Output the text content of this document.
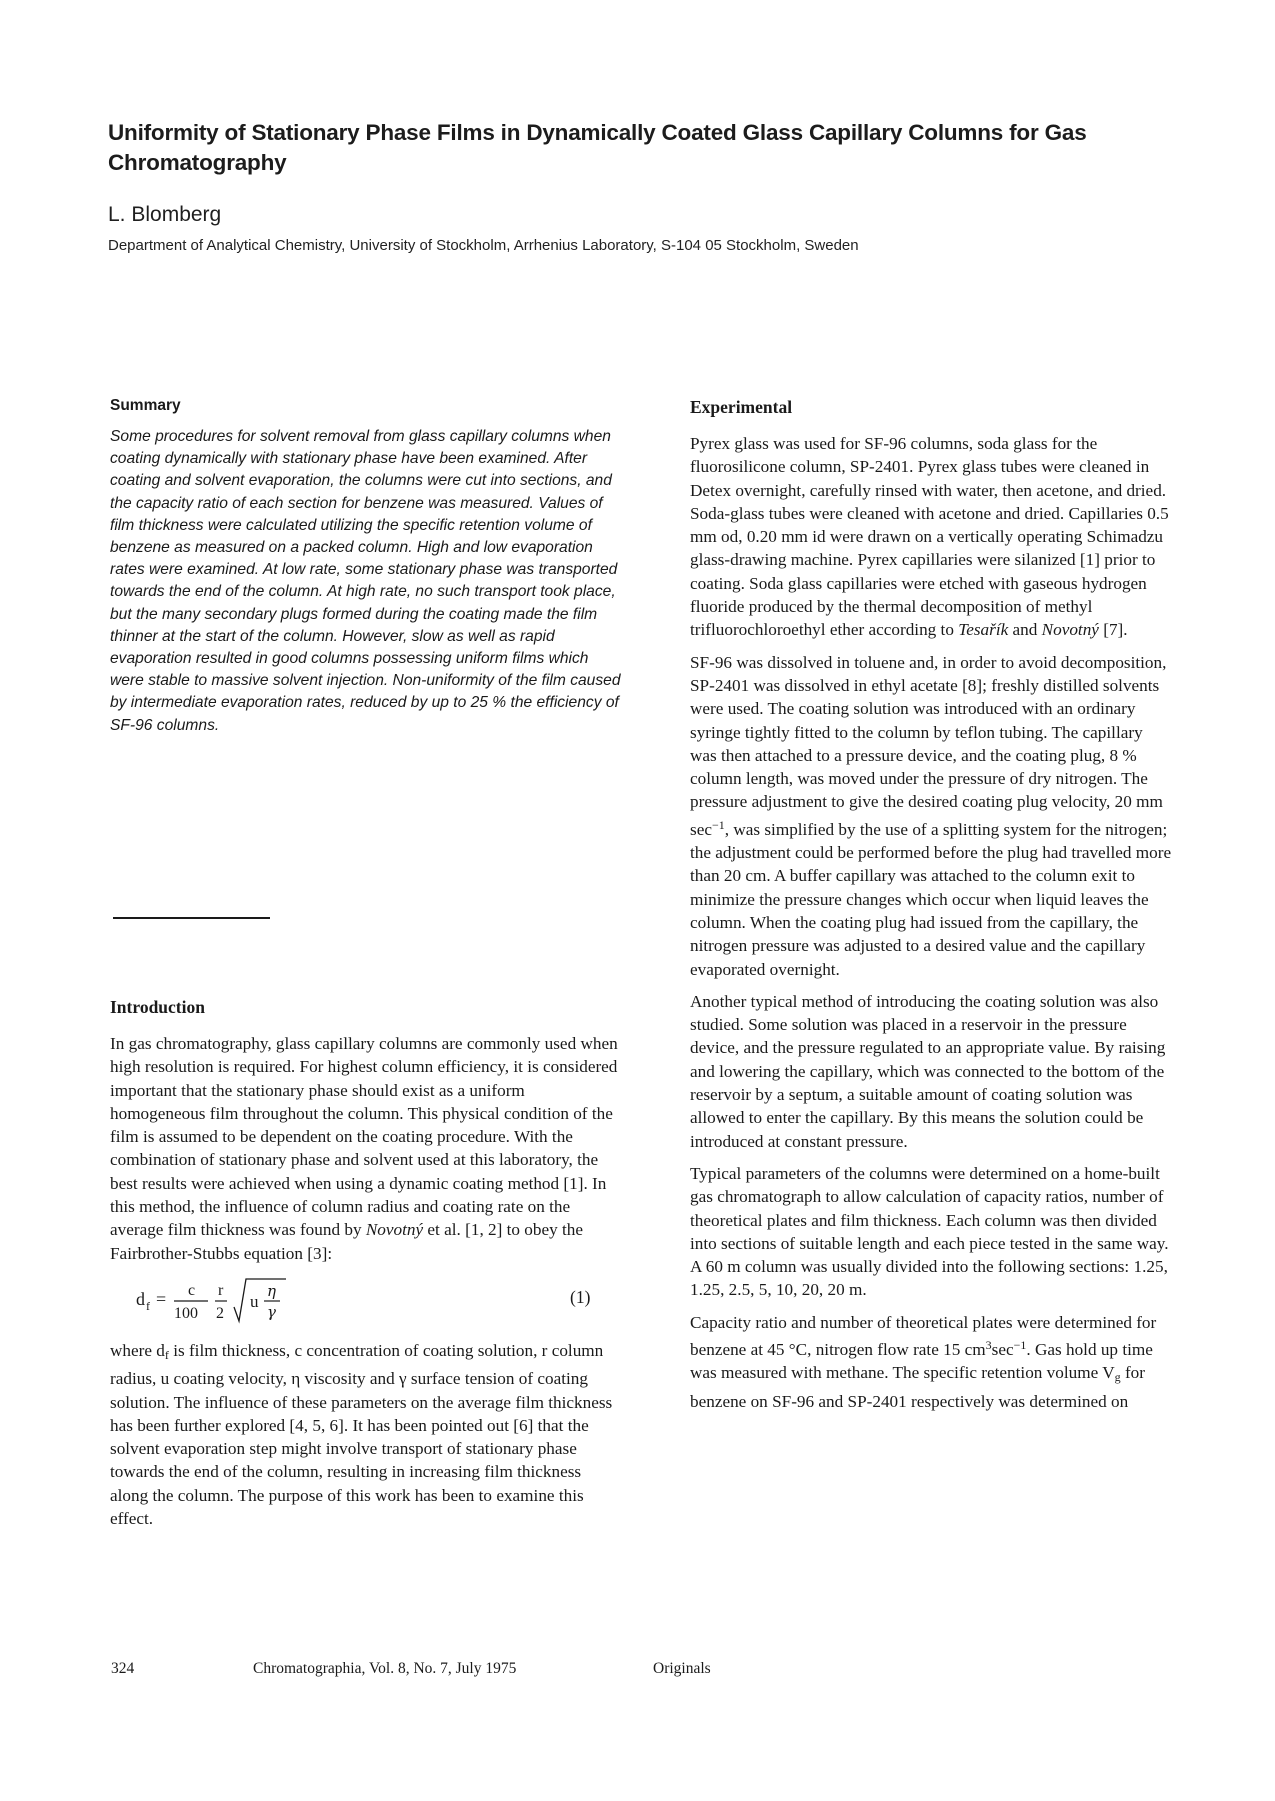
Uniformity of Stationary Phase Films in Dynamically Coated Glass Capillary Columns for Gas Chromatography
L. Blomberg
Department of Analytical Chemistry, University of Stockholm, Arrhenius Laboratory, S-104 05 Stockholm, Sweden
Summary

Some procedures for solvent removal from glass capillary columns when coating dynamically with stationary phase have been examined. After coating and solvent evaporation, the columns were cut into sections, and the capacity ratio of each section for benzene was measured. Values of film thickness were calculated utilizing the specific retention volume of benzene as measured on a packed column. High and low evaporation rates were examined. At low rate, some stationary phase was transported towards the end of the column. At high rate, no such transport took place, but the many secondary plugs formed during the coating made the film thinner at the start of the column. However, slow as well as rapid evaporation resulted in good columns possessing uniform films which were stable to massive solvent injection. Non-uniformity of the film caused by intermediate evaporation rates, reduced by up to 25 % the efficiency of SF-96 columns.

Introduction

In gas chromatography, glass capillary columns are commonly used when high resolution is required. For highest column efficiency, it is considered important that the stationary phase should exist as a uniform homogeneous film throughout the column. This physical condition of the film is assumed to be dependent on the coating procedure. With the combination of stationary phase and solvent used at this laboratory, the best results were achieved when using a dynamic coating method [1]. In this method, the influence of column radius and coating rate on the average film thickness was found by Novotný et al. [1, 2] to obey the Fairbrother-Stubbs equation [3]:

d f = c
100
r
2
u
η
γ
(1)

where $d_f$ is film thickness, c concentration of coating solution, r column radius, u coating velocity, η viscosity and γ surface tension of coating solution. The influence of these parameters on the average film thickness has been further explored [4, 5, 6]. It has been pointed out [6] that the solvent evaporation step might involve transport of stationary phase towards the end of the column, resulting in increasing film thickness along the column. The purpose of this work has been to examine this effect.

Experimental

Pyrex glass was used for SF-96 columns, soda glass for the fluorosilicone column, SP-2401. Pyrex glass tubes were cleaned in Detex overnight, carefully rinsed with water, then acetone, and dried. Soda-glass tubes were cleaned with acetone and dried. Capillaries 0.5 mm od, 0.20 mm id were drawn on a vertically operating Schimadzu glass-drawing machine. Pyrex capillaries were silanized [1] prior to coating. Soda glass capillaries were etched with gaseous hydrogen fluoride produced by the thermal decomposition of methyl trifluorochloroethyl ether according to Tesařík and Novotný [7].

SF-96 was dissolved in toluene and, in order to avoid decomposition, SP-2401 was dissolved in ethyl acetate [8]; freshly distilled solvents were used. The coating solution was introduced with an ordinary syringe tightly fitted to the column by teflon tubing. The capillary was then attached to a pressure device, and the coating plug, 8 % column length, was moved under the pressure of dry nitrogen. The pressure adjustment to give the desired coating plug velocity, 20 mm $\sec^{-1}$, was simplified by the use of a splitting system for the nitrogen; the adjustment could be performed before the plug had travelled more than 20 cm. A buffer capillary was attached to the column exit to minimize the pressure changes which occur when liquid leaves the column. When the coating plug had issued from the capillary, the nitrogen pressure was adjusted to a desired value and the capillary evaporated overnight.

Another typical method of introducing the coating solution was also studied. Some solution was placed in a reservoir in the pressure device, and the pressure regulated to an appropriate value. By raising and lowering the capillary, which was connected to the bottom of the reservoir by a septum, a suitable amount of coating solution was allowed to enter the capillary. By this means the solution could be introduced at constant pressure.

Typical parameters of the columns were determined on a home-built gas chromatograph to allow calculation of capacity ratios, number of theoretical plates and film thickness. Each column was then divided into sections of suitable length and each piece tested in the same way. A 60 m column was usually divided into the following sections: 1.25, 1.25, 2.5, 5, 10, 20, 20 m.

Capacity ratio and number of theoretical plates were determined for benzene at 45 °C, nitrogen flow rate 15 $cm^3\sec^{-1}$. Gas hold up time was measured with methane. The specific retention volume $V_g$ for benzene on SF-96 and SP-2401 respectively was determined on

324	Chromatographia, Vol. 8, No. 7, July 1975	Originals
